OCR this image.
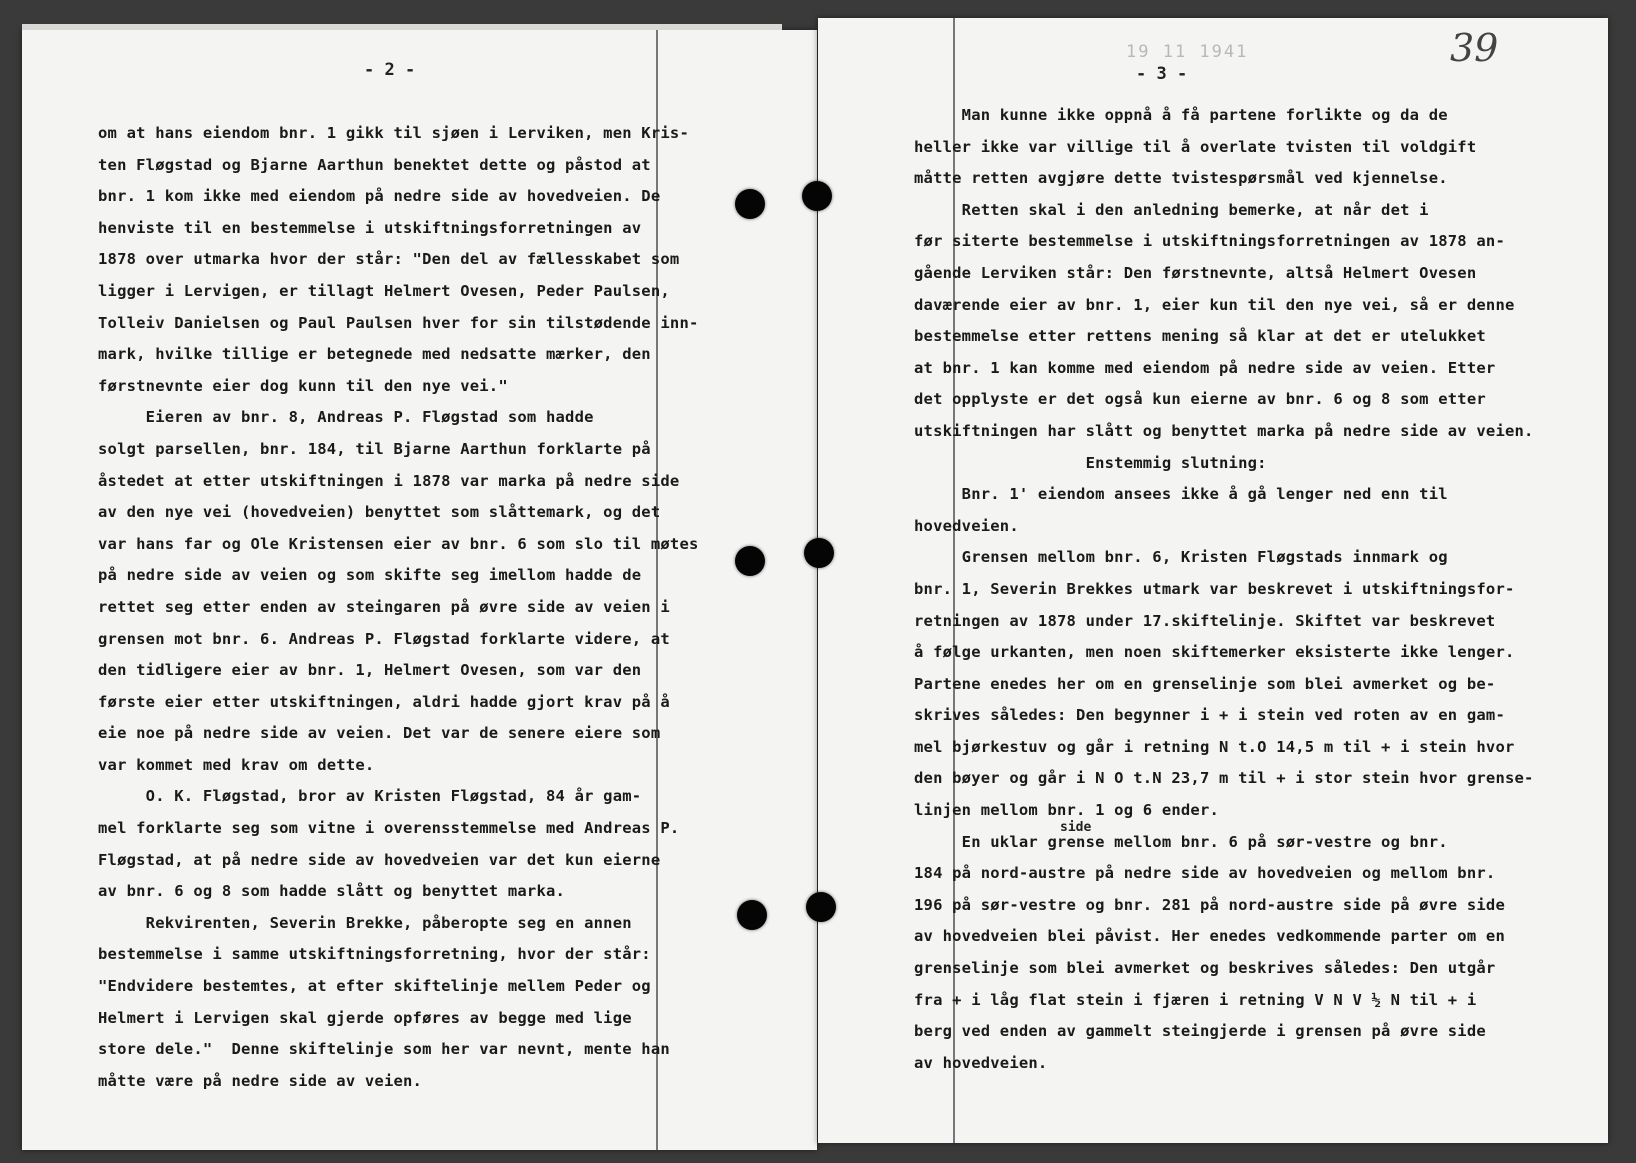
- 2 -
om at hans eiendom bnr. 1 gikk til sjøen i Lerviken, men Kris-
ten Fløgstad og Bjarne Aarthun benektet dette og påstod at
bnr. 1 kom ikke med eiendom på nedre side av hovedveien. De
henviste til en bestemmelse i utskiftningsforretningen av
1878 over utmarka hvor der står: "Den del av fællesskabet som
ligger i Lervigen, er tillagt Helmert Ovesen, Peder Paulsen,
Tolleiv Danielsen og Paul Paulsen hver for sin tilstødende inn-
mark, hvilke tillige er betegnede med nedsatte mærker, den
førstnevnte eier dog kunn til den nye vei."
Eieren av bnr. 8, Andreas P. Fløgstad som hadde
solgt parsellen, bnr. 184, til Bjarne Aarthun forklarte på
åstedet at etter utskiftningen i 1878 var marka på nedre side
av den nye vei (hovedveien) benyttet som slåttemark, og det
var hans far og Ole Kristensen eier av bnr. 6 som slo til møtes
på nedre side av veien og som skifte seg imellom hadde de
rettet seg etter enden av steingaren på øvre side av veien i
grensen mot bnr. 6. Andreas P. Fløgstad forklarte videre, at
den tidligere eier av bnr. 1, Helmert Ovesen, som var den
første eier etter utskiftningen, aldri hadde gjort krav på å
eie noe på nedre side av veien. Det var de senere eiere som
var kommet med krav om dette.
O. K. Fløgstad, bror av Kristen Fløgstad, 84 år gam-
mel forklarte seg som vitne i overensstemmelse med Andreas P.
Fløgstad, at på nedre side av hovedveien var det kun eierne
av bnr. 6 og 8 som hadde slått og benyttet marka.
Rekvirenten, Severin Brekke, påberopte seg en annen
bestemmelse i samme utskiftningsforretning, hvor der står:
"Endvidere bestemtes, at efter skiftelinje mellem Peder og
Helmert i Lervigen skal gjerde opføres av begge med lige
store dele."  Denne skiftelinje som her var nevnt, mente han
måtte være på nedre side av veien.
19 11 1941
- 3 -
39
Man kunne ikke oppnå å få partene forlikte og da de
heller ikke var villige til å overlate tvisten til voldgift
måtte retten avgjøre dette tvistespørsmål ved kjennelse.
Retten skal i den anledning bemerke, at når det i
før siterte bestemmelse i utskiftningsforretningen av 1878 an-
gående Lerviken står: Den førstnevnte, altså Helmert Ovesen
daværende eier av bnr. 1, eier kun til den nye vei, så er denne
bestemmelse etter rettens mening så klar at det er utelukket
at bnr. 1 kan komme med eiendom på nedre side av veien. Etter
det opplyste er det også kun eierne av bnr. 6 og 8 som etter
utskiftningen har slått og benyttet marka på nedre side av veien.
Enstemmig slutning:
Bnr. 1' eiendom ansees ikke å gå lenger ned enn til
hovedveien.
Grensen mellom bnr. 6, Kristen Fløgstads innmark og
bnr. 1, Severin Brekkes utmark var beskrevet i utskiftningsfor-
retningen av 1878 under 17.skiftelinje. Skiftet var beskrevet
å følge urkanten, men noen skiftemerker eksisterte ikke lenger.
Partene enedes her om en grenselinje som blei avmerket og be-
skrives således: Den begynner i + i stein ved roten av en gam-
mel bjørkestuv og går i retning N t.O 14,5 m til + i stein hvor
den bøyer og går i N O t.N 23,7 m til + i stor stein hvor grense-
linjen mellom bnr. 1 og 6 ender.
En uklar grense mellom bnr. 6 på sør-vestre og bnr.
184 på nord-austre på nedre side av hovedveien og mellom bnr.
196 på sør-vestre og bnr. 281 på nord-austre side på øvre side
av hovedveien blei påvist. Her enedes vedkommende parter om en
grenselinje som blei avmerket og beskrives således: Den utgår
fra + i låg flat stein i fjæren i retning V N V ½ N til + i
berg ved enden av gammelt steingjerde i grensen på øvre side
av hovedveien.
side
